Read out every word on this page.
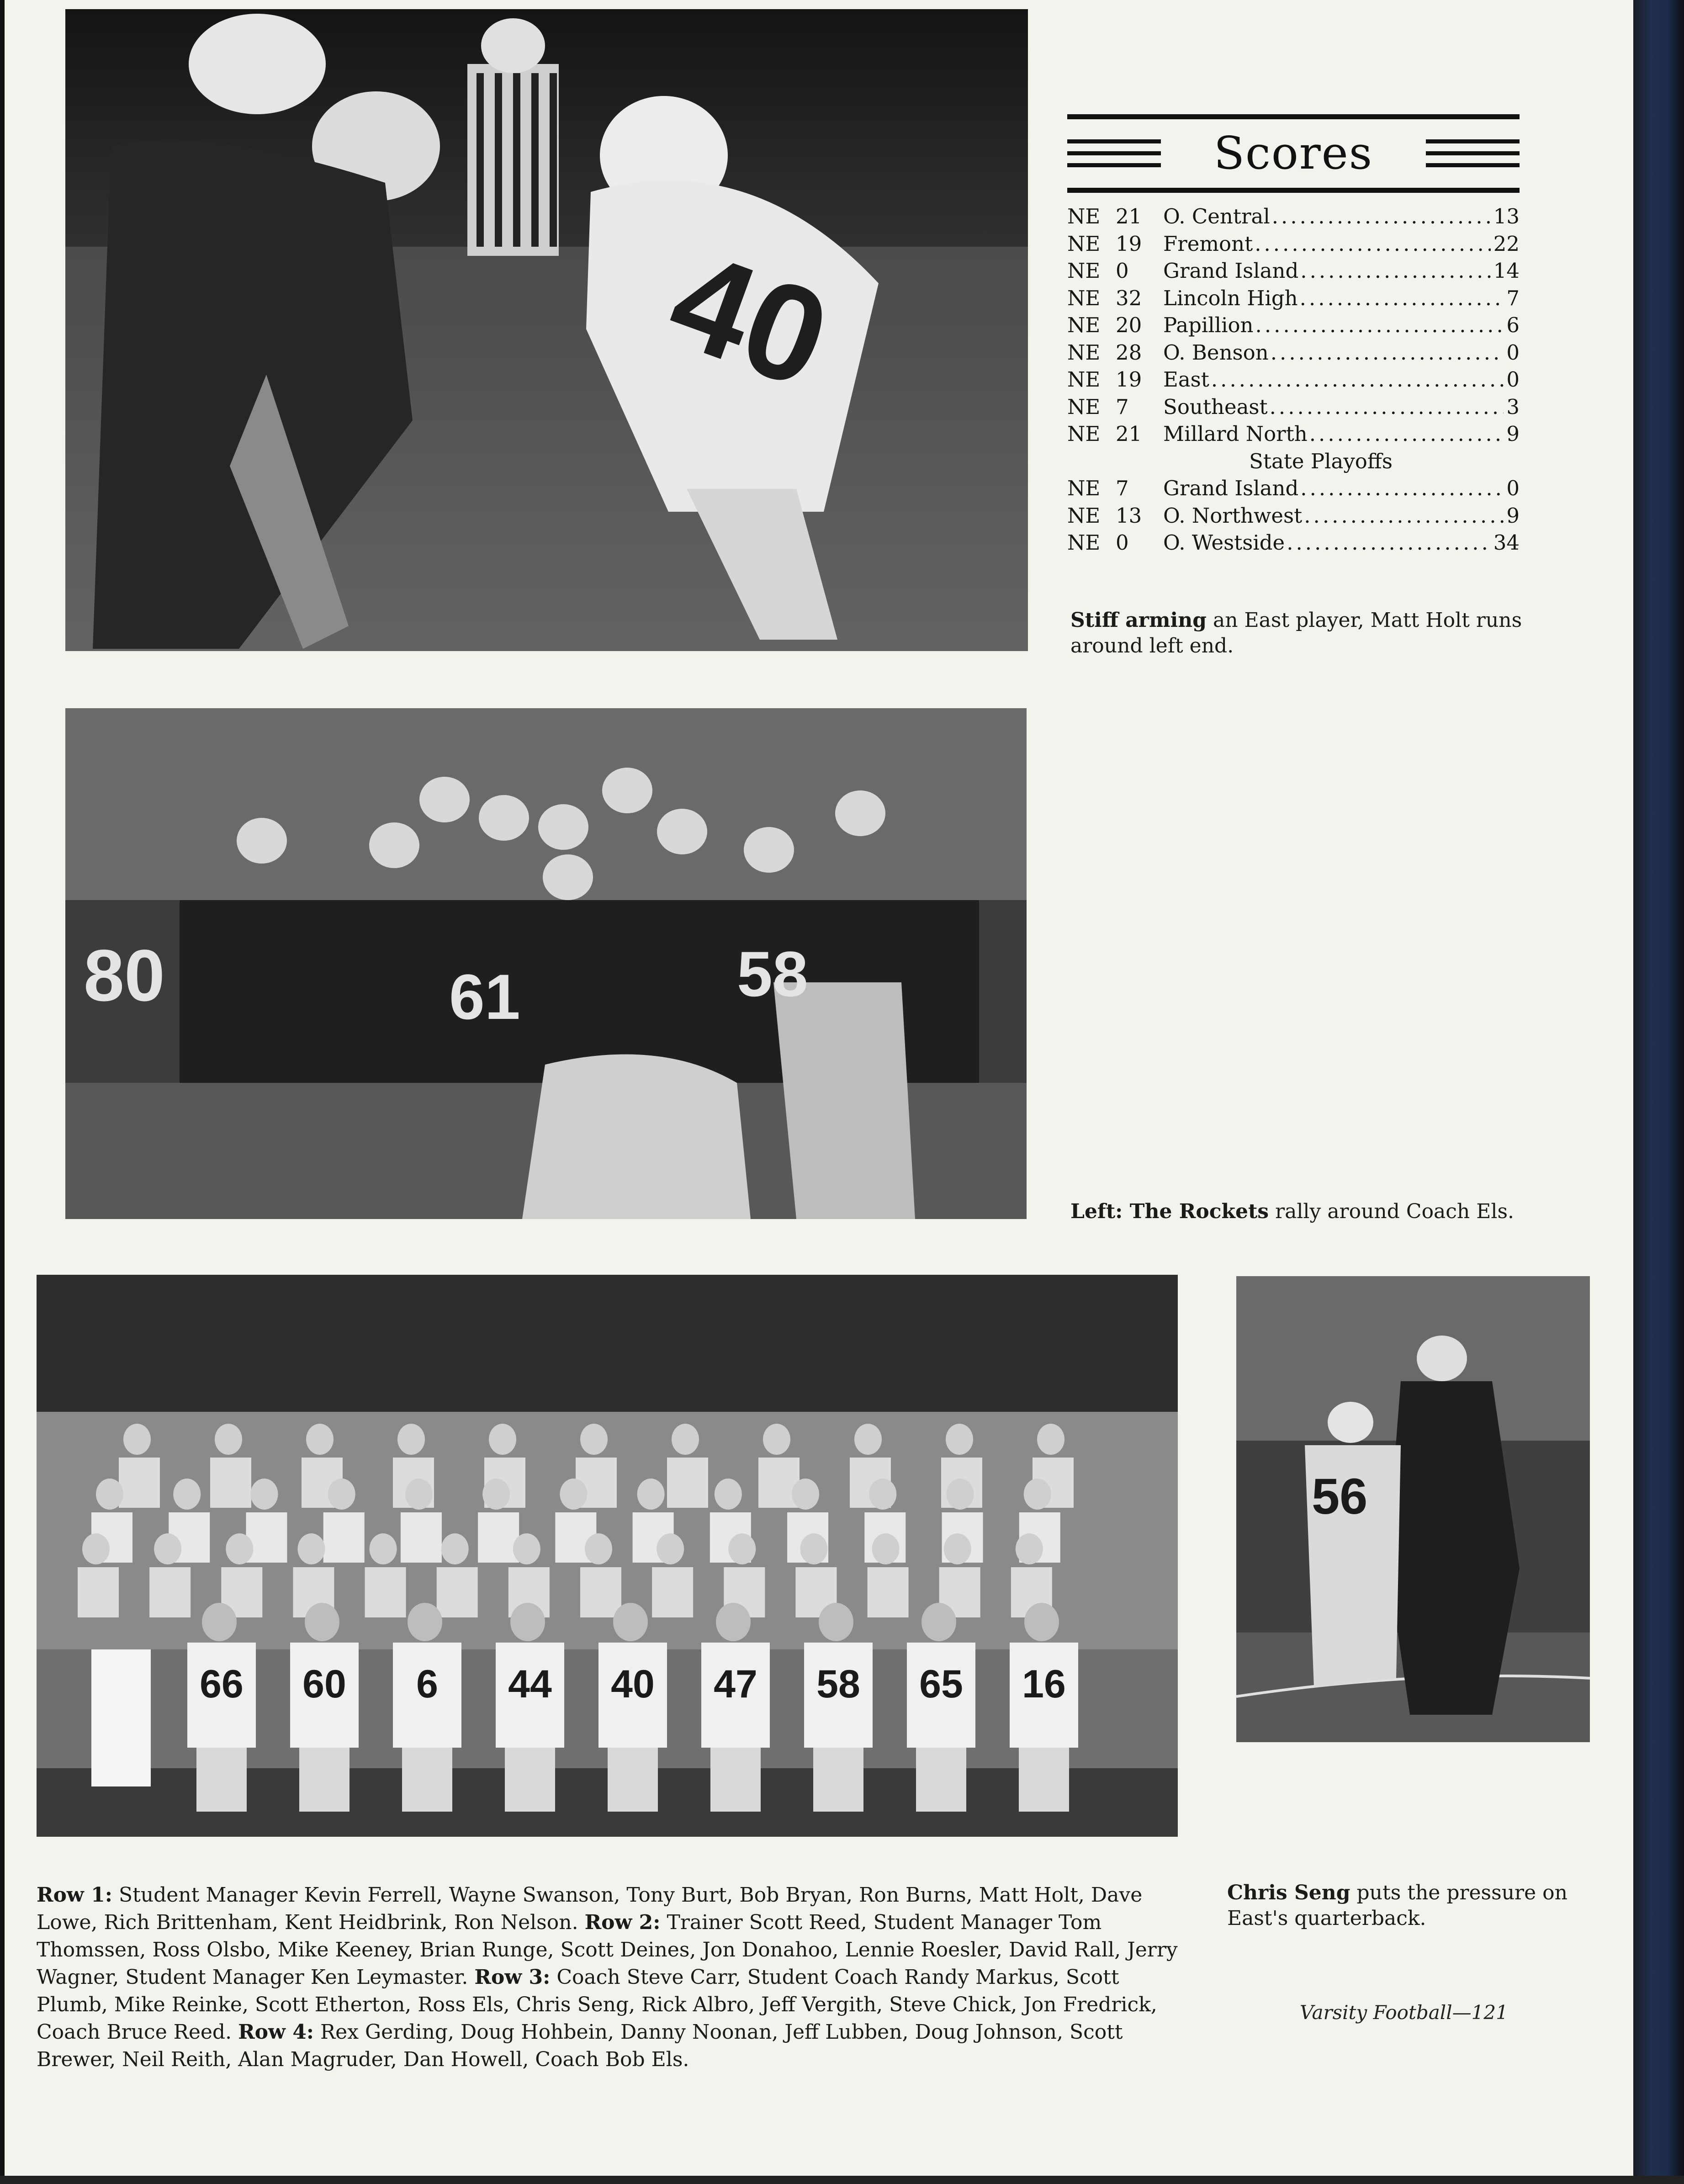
40
Scores
NE 21	O. Central .....	13
NE 19	Fremont .....	22
NE 0	Grand Island .....	14
NE 32	Lincoln High .....	7
NE 20	Papillion .....	6
NE 28	O. Benson .....	0
NE 19	East .....	0
NE 7	Southeast .....	3
NE 21	Millard North .....	9
State Playoffs
NE 7	Grand Island .....	0
NE 13	O. Northwest .....	9
NE 0	O. Westside .....	34
Stiff arming an East player, Matt Holt runs around left end.
80	61	58
Left: The Rockets rally around Coach Els.
66 60 6 44 40 47 58 65 16
56
Row 1: Student Manager Kevin Ferrell, Wayne Swanson, Tony Burt, Bob Bryan, Ron Burns, Matt Holt, Dave Lowe, Rich Brittenham, Kent Heidbrink, Ron Nelson. Row 2: Trainer Scott Reed, Student Manager Tom Thomssen, Ross Olsbo, Mike Keeney, Brian Runge, Scott Deines, Jon Donahoo, Lennie Roesler, David Rall, Jerry Wagner, Student Manager Ken Leymaster. Row 3: Coach Steve Carr, Student Coach Randy Markus, Scott Plumb, Mike Reinke, Scott Etherton, Ross Els, Chris Seng, Rick Albro, Jeff Vergith, Steve Chick, Jon Fredrick, Coach Bruce Reed. Row 4: Rex Gerding, Doug Hohbein, Danny Noonan, Jeff Lubben, Doug Johnson, Scott Brewer, Neil Reith, Alan Magruder, Dan Howell, Coach Bob Els.
Chris Seng puts the pressure on East's quarterback.
Varsity Football—121
